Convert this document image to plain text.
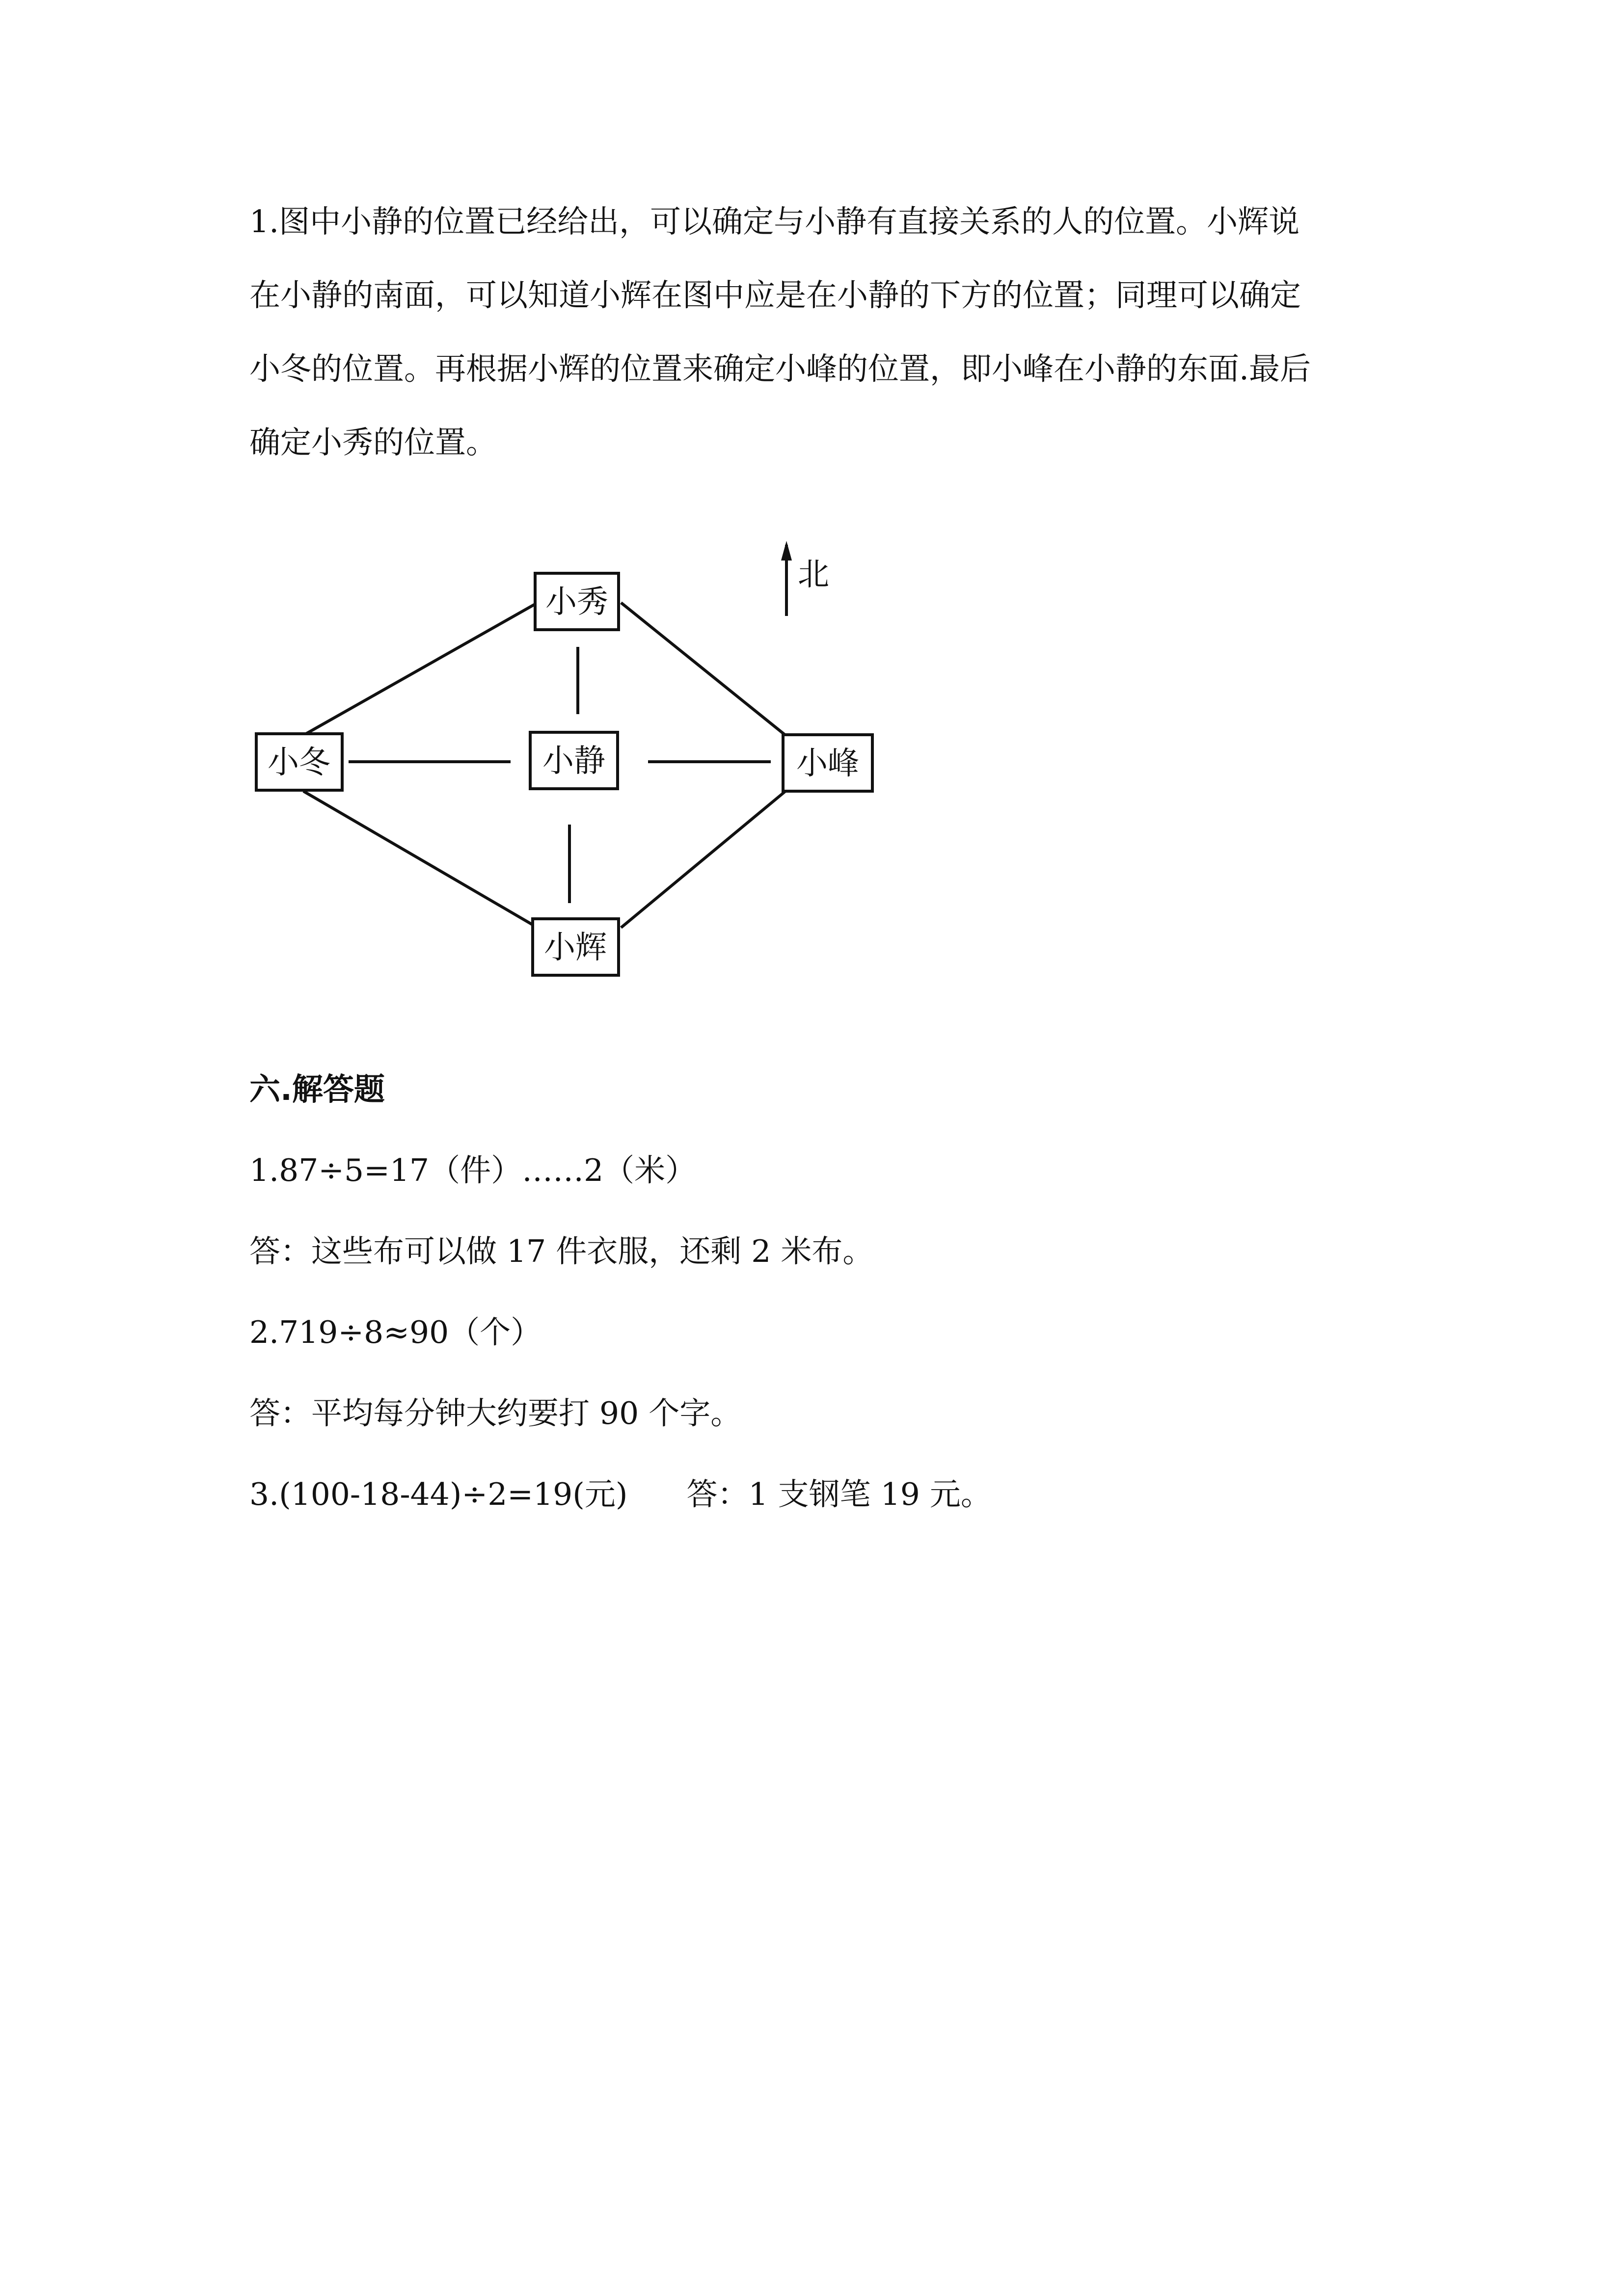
1.图中小静的位置已经给出，可以确定与小静有直接关系的人的位置。小辉说

在小静的南面，可以知道小辉在图中应是在小静的下方的位置；同理可以确定

小冬的位置。再根据小辉的位置来确定小峰的位置，即小峰在小静的东面.最后

确定小秀的位置。

北
小秀
小冬	小静	小峰
小辉

六.解答题

1.87÷5=17（件）……2（米）

答：这些布可以做 17 件衣服，还剩 2 米布。

2.719÷8≈90（个）

答：平均每分钟大约要打 90 个字。

3.(100-18-44)÷2=19(元)      答：1 支钢笔 19 元。
